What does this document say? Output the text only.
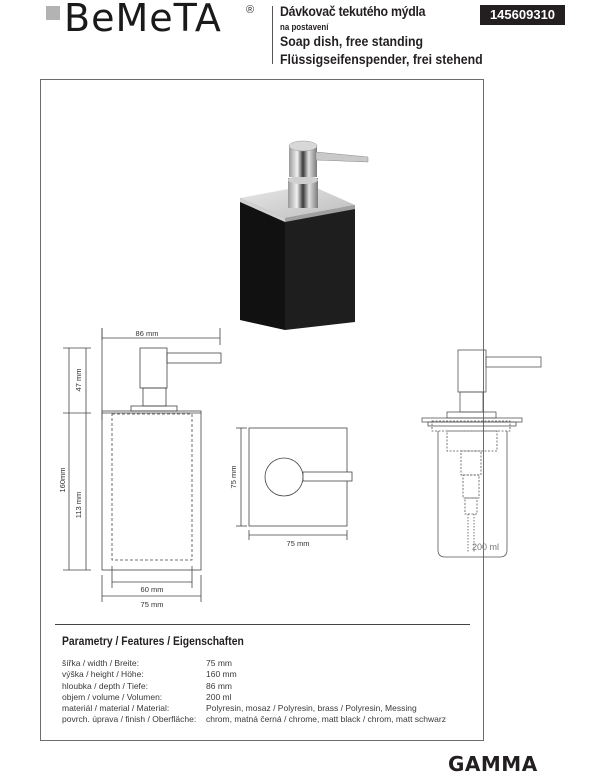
BeMeTA ® Dávkovač tekutého mýdla
na postavení
Soap dish, free standing
Flüssigseifenspender, frei stehend
145609310
86 mm
47 mm
160mm
113 mm
60 mm
75 mm
75 mm
75 mm	200 ml
Parametry / Features / Eigenschaften
šířka / width / Breite:
výška / height / Höhe:
hloubka / depth / Tiefe:
objem / volume / Volumen:
materiál / material / Material:
povrch. úprava / finish / Oberfläche:
75 mm
160 mm
86 mm
200 ml
Polyresin, mosaz / Polyresin, brass / Polyresin, Messing
chrom, matná černá / chrome, matt black / chrom, matt schwarz
GAMMA
